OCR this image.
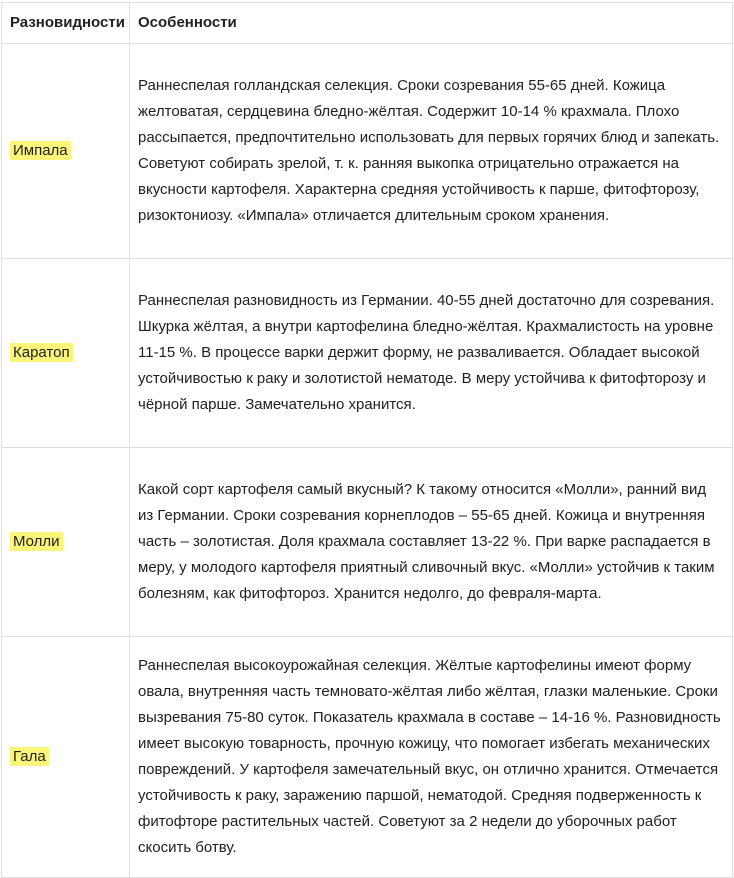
Разновидности	Особенности
Импала	Раннеспелая голландская селекция. Сроки созревания 55-65 дней. Кожица желтоватая, сердцевина бледно-жёлтая. Содержит 10-14 % крахмала. Плохо рассыпается, предпочтительно использовать для первых горячих блюд и запекать. Советуют собирать зрелой, т. к. ранняя выкопка отрицательно отражается на вкусности картофеля. Характерна средняя устойчивость к парше, фитофторозу, ризоктониозу. «Импала» отличается длительным сроком хранения.
Каратоп	Раннеспелая разновидность из Германии. 40-55 дней достаточно для созревания. Шкурка жёлтая, а внутри картофелина бледно-жёлтая. Крахмалистость на уровне 11-15 %. В процессе варки держит форму, не разваливается. Обладает высокой устойчивостью к раку и золотистой нематоде. В меру устойчива к фитофторозу и чёрной парше. Замечательно хранится.
Молли	Какой сорт картофеля самый вкусный? К такому относится «Молли», ранний вид из Германии. Сроки созревания корнеплодов – 55-65 дней. Кожица и внутренняя часть – золотистая. Доля крахмала составляет 13-22 %. При варке распадается в меру, у молодого картофеля приятный сливочный вкус. «Молли» устойчив к таким болезням, как фитофтороз. Хранится недолго, до февраля-марта.
Гала	Раннеспелая высокоурожайная селекция. Жёлтые картофелины имеют форму овала, внутренняя часть темновато-жёлтая либо жёлтая, глазки маленькие. Сроки вызревания 75-80 суток. Показатель крахмала в составе – 14-16 %. Разновидность имеет высокую товарность, прочную кожицу, что помогает избегать механических повреждений. У картофеля замечательный вкус, он отлично хранится. Отмечается устойчивость к раку, заражению паршой, нематодой. Средняя подверженность к фитофторе растительных частей. Советуют за 2 недели до уборочных работ скосить ботву.
